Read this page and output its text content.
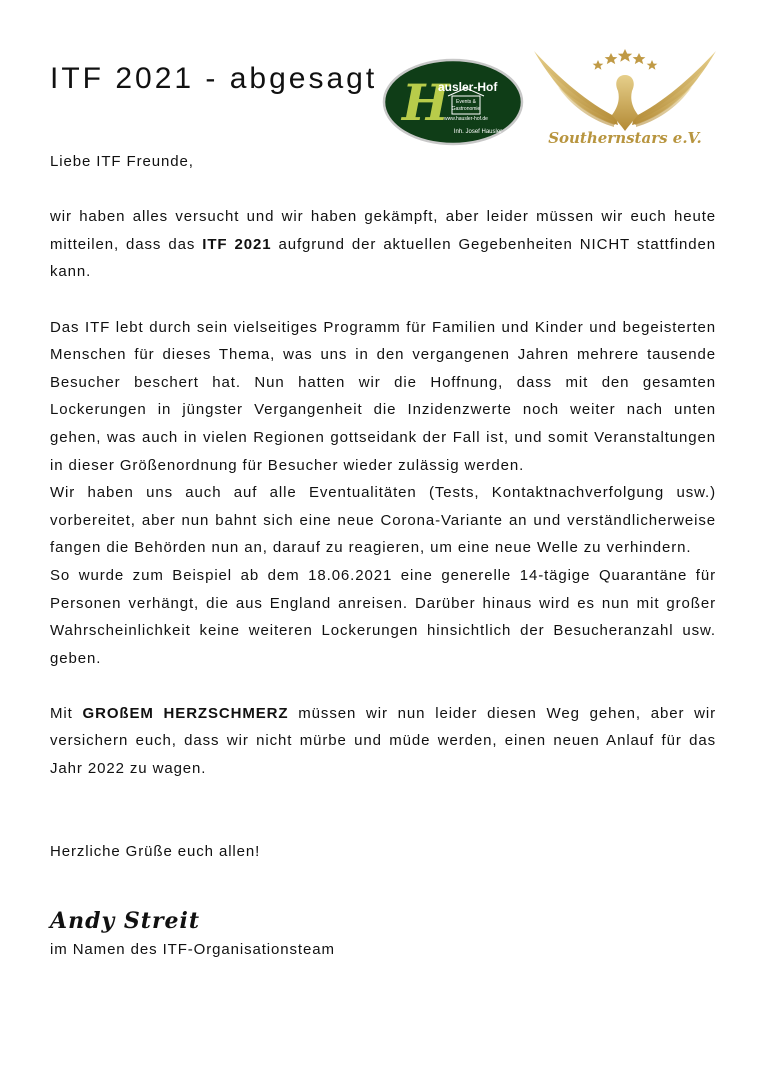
ITF 2021 - abgesagt H
ausler-Hof
Events &
Gastronomie
www.hausler-hof.de
Inh. Josef Hausler	Southernstars e.V.

Liebe ITF Freunde,

wir haben alles versucht und wir haben gekämpft, aber leider müssen wir euch heute mitteilen, dass das ITF 2021 aufgrund der aktuellen Gegebenheiten NICHT stattfinden kann.

Das ITF lebt durch sein vielseitiges Programm für Familien und Kinder und begeisterten Menschen für dieses Thema, was uns in den vergangenen Jahren mehrere tausende Besucher beschert hat. Nun hatten wir die Hoffnung, dass mit den gesamten Lockerungen in jüngster Vergangenheit die Inzidenzwerte noch weiter nach unten gehen, was auch in vielen Regionen gottseidank der Fall ist, und somit Veranstaltungen in dieser Größenordnung für Besucher wieder zulässig werden.

Wir haben uns auch auf alle Eventualitäten (Tests, Kontaktnachverfolgung usw.) vorbereitet, aber nun bahnt sich eine neue Corona-Variante an und verständlicherweise fangen die Behörden nun an, darauf zu reagieren, um eine neue Welle zu verhindern.

So wurde zum Beispiel ab dem 18.06.2021 eine generelle 14-tägige Quarantäne für Personen verhängt, die aus England anreisen. Darüber hinaus wird es nun mit großer Wahrscheinlichkeit keine weiteren Lockerungen hinsichtlich der Besucheranzahl usw. geben.

Mit GROßEM HERZSCHMERZ müssen wir nun leider diesen Weg gehen, aber wir versichern euch, dass wir nicht mürbe und müde werden, einen neuen Anlauf für das Jahr 2022 zu wagen.

Herzliche Grüße euch allen!

Andy Streit

im Namen des ITF-Organisationsteam
